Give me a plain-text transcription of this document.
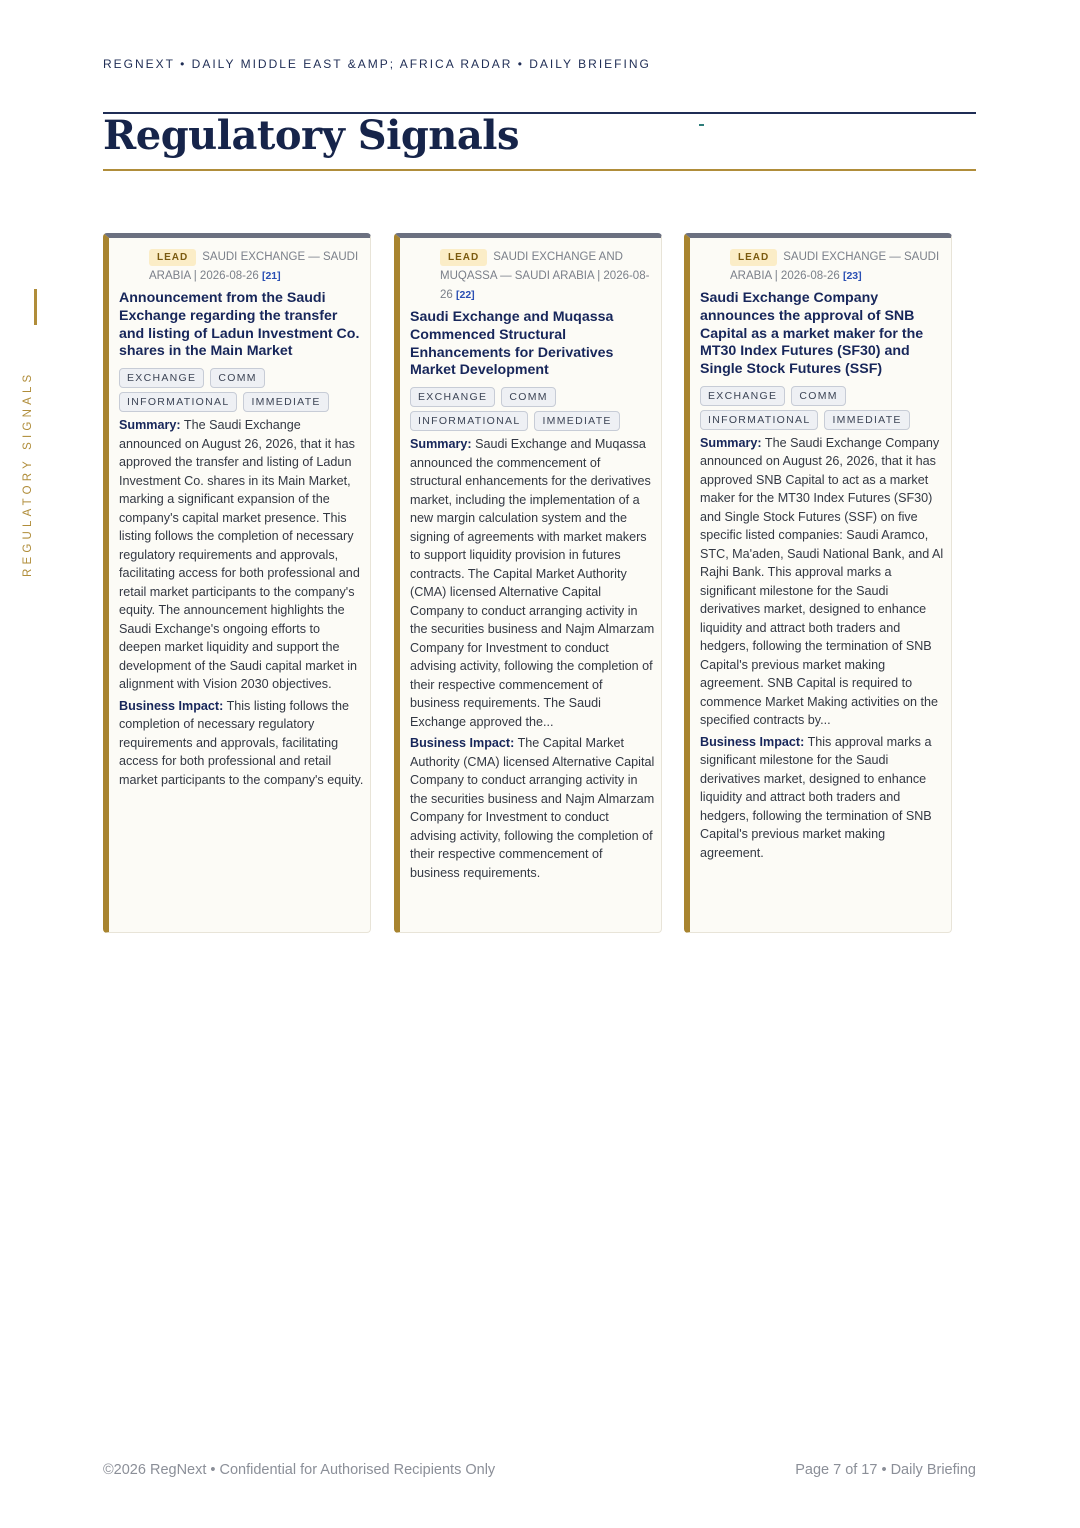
REGNEXT • DAILY MIDDLE EAST &AMP; AFRICA RADAR • DAILY BRIEFING
Regulatory Signals
REGULATORY SIGNALS
LEAD SAUDI EXCHANGE — SAUDI ARABIA | 2026-08-26 [21]
Announcement from the Saudi Exchange regarding the transfer and listing of Ladun Investment Co. shares in the Main Market
EXCHANGE COMM
INFORMATIONAL IMMEDIATE
Summary: The Saudi Exchange announced on August 26, 2026, that it has approved the transfer and listing of Ladun Investment Co. shares in its Main Market, marking a significant expansion of the company's capital market presence. This listing follows the completion of necessary regulatory requirements and approvals, facilitating access for both professional and retail market participants to the company's equity. The announcement highlights the Saudi Exchange's ongoing efforts to deepen market liquidity and support the development of the Saudi capital market in alignment with Vision 2030 objectives.
Business Impact: This listing follows the completion of necessary regulatory requirements and approvals, facilitating access for both professional and retail market participants to the company's equity.
LEAD SAUDI EXCHANGE AND MUQASSA — SAUDI ARABIA | 2026-08-26 [22]
Saudi Exchange and Muqassa Commenced Structural Enhancements for Derivatives Market Development
EXCHANGE COMM
INFORMATIONAL IMMEDIATE
Summary: Saudi Exchange and Muqassa announced the commencement of structural enhancements for the derivatives market, including the implementation of a new margin calculation system and the signing of agreements with market makers to support liquidity provision in futures contracts. The Capital Market Authority (CMA) licensed Alternative Capital Company to conduct arranging activity in the securities business and Najm Almarzam Company for Investment to conduct advising activity, following the completion of their respective commencement of business requirements. The Saudi Exchange approved the...
Business Impact: The Capital Market Authority (CMA) licensed Alternative Capital Company to conduct arranging activity in the securities business and Najm Almarzam Company for Investment to conduct advising activity, following the completion of their respective commencement of business requirements.
LEAD SAUDI EXCHANGE — SAUDI ARABIA | 2026-08-26 [23]
Saudi Exchange Company announces the approval of SNB Capital as a market maker for the MT30 Index Futures (SF30) and Single Stock Futures (SSF)
EXCHANGE COMM
INFORMATIONAL IMMEDIATE
Summary: The Saudi Exchange Company announced on August 26, 2026, that it has approved SNB Capital to act as a market maker for the MT30 Index Futures (SF30) and Single Stock Futures (SSF) on five specific listed companies: Saudi Aramco, STC, Ma'aden, Saudi National Bank, and Al Rajhi Bank. This approval marks a significant milestone for the Saudi derivatives market, designed to enhance liquidity and attract both traders and hedgers, following the termination of SNB Capital's previous market making agreement. SNB Capital is required to commence Market Making activities on the specified contracts by...
Business Impact: This approval marks a significant milestone for the Saudi derivatives market, designed to enhance liquidity and attract both traders and hedgers, following the termination of SNB Capital's previous market making agreement.
©2026 RegNext • Confidential for Authorised Recipients Only	Page 7 of 17 • Daily Briefing
